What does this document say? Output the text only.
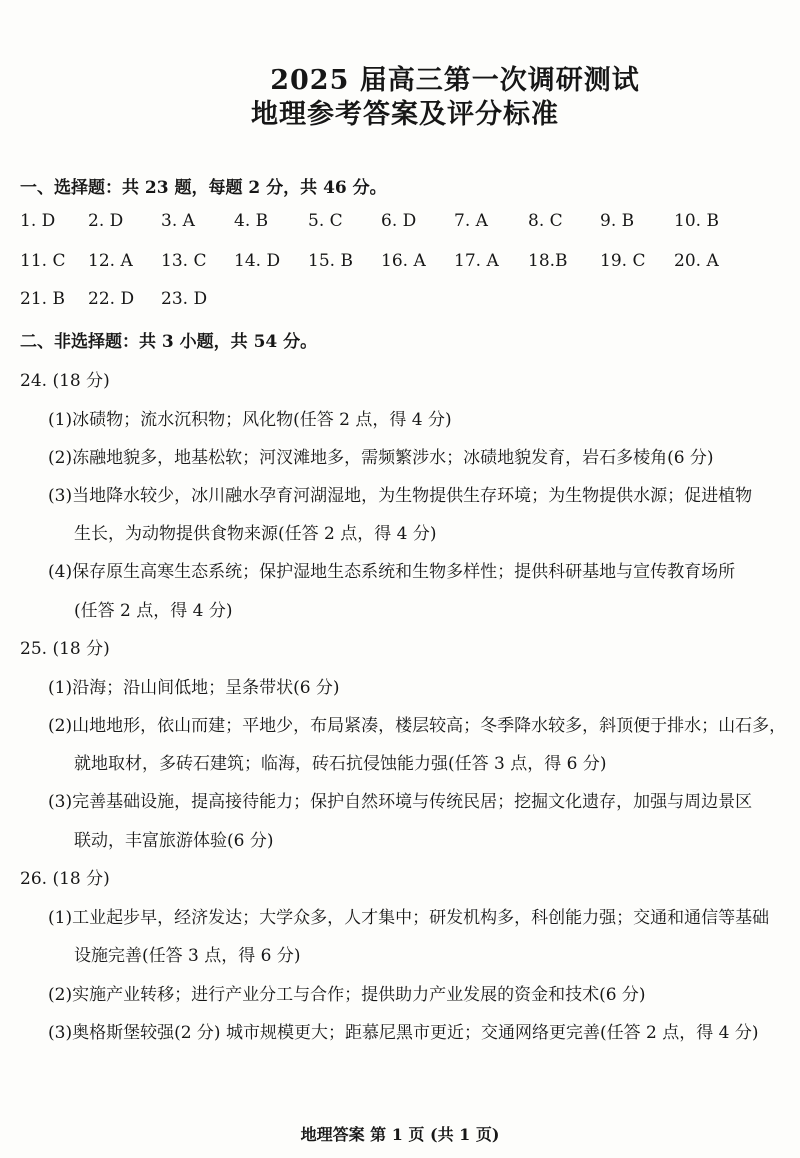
2025 届高三第一次调研测试
地理参考答案及评分标准
一、选择题：共 23 题，每题 2 分，共 46 分。
1. D 2. D 3. A 4. B 5. C 6. D 7. A 8. C 9. B 10. B
11. C 12. A 13. C 14. D 15. B 16. A 17. A 18.B 19. C 20. A
21. B 22. D 23. D
二、非选择题：共 3 小题，共 54 分。
24. (18 分)
(1)冰碛物；流水沉积物；风化物(任答 2 点，得 4 分)
(2)冻融地貌多，地基松软；河汊滩地多，需频繁涉水；冰碛地貌发育，岩石多棱角(6 分)
(3)当地降水较少，冰川融水孕育河湖湿地，为生物提供生存环境；为生物提供水源；促进植物
生长，为动物提供食物来源(任答 2 点，得 4 分)
(4)保存原生高寒生态系统；保护湿地生态系统和生物多样性；提供科研基地与宣传教育场所
(任答 2 点，得 4 分)
25. (18 分)
(1)沿海；沿山间低地；呈条带状(6 分)
(2)山地地形，依山而建；平地少，布局紧凑，楼层较高；冬季降水较多，斜顶便于排水；山石多，
就地取材，多砖石建筑；临海，砖石抗侵蚀能力强(任答 3 点，得 6 分)
(3)完善基础设施，提高接待能力；保护自然环境与传统民居；挖掘文化遗存，加强与周边景区
联动，丰富旅游体验(6 分)
26. (18 分)
(1)工业起步早，经济发达；大学众多，人才集中；研发机构多，科创能力强；交通和通信等基础
设施完善(任答 3 点，得 6 分)
(2)实施产业转移；进行产业分工与合作；提供助力产业发展的资金和技术(6 分)
(3)奥格斯堡较强(2 分) 城市规模更大；距慕尼黑市更近；交通网络更完善(任答 2 点，得 4 分)
地理答案 第 1 页 (共 1 页)
